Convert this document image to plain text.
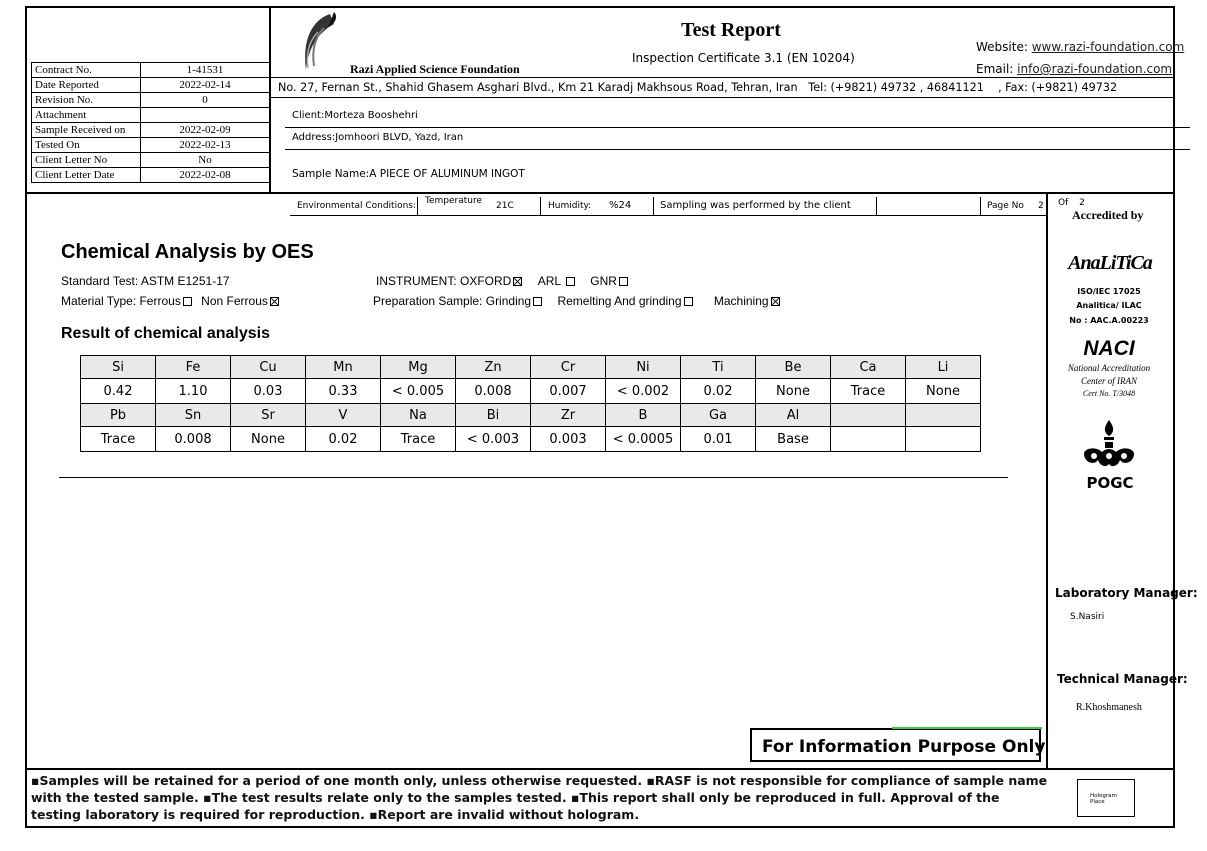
Contract No.	1-41531
Date Reported	2022-02-14
Revision No.	0
Attachment	
Sample Received on	2022-02-09
Tested On	2022-02-13
Client Letter No	No
Client Letter Date	2022-02-08
Razi Applied Science Foundation
Test Report
Inspection Certificate 3.1 (EN 10204)
Website: www.razi-foundation.com
Email: info@razi-foundation.com
No. 27, Fernan St., Shahid Ghasem Asghari Blvd., Km 21 Karadj Makhsous Road, Tehran, Iran   Tel: (+9821) 49732 , 46841121    , Fax: (+9821) 49732
Client:Morteza Booshehri
Address:Jomhoori BLVD, Yazd, Iran
Sample Name:A PIECE OF ALUMINUM INGOT
Environmental Conditions: Temperature 21C	Humidity: %24	Sampling was performed by the client	Page No 2
Chemical Analysis by OES
Standard Test: ASTM E1251-17	INSTRUMENT: OXFORD ARL GNR
Material Type: Ferrous Non Ferrous	Preparation Sample: Grinding Remelting And grinding	Machining
Result of chemical analysis
Si	Fe	Cu	Mn	Mg	Zn	Cr	Ni	Ti	Be	Ca	Li
0.42	1.10	0.03	0.33	< 0.005	0.008	0.007	< 0.002	0.02	None	Trace	None
Pb	Sn	Sr	V	Na	Bi	Zr	B	Ga	Al		
Trace	0.008	None	0.02	Trace	< 0.003	0.003	< 0.0005	0.01	Base		
Of 2
Accredited by
AnaLiTiCa
ISO/IEC 17025
Analitica/ ILAC
No : AAC.A.00223
NACI
National Accreditation
Center of IRAN
Cert No. T/3048
POGC
Laboratory Manager:
S.Nasiri
Technical Manager:
R.Khoshmanesh
For Information Purpose Only
▪Samples will be retained for a period of one month only, unless otherwise requested. ▪RASF is not responsible for compliance of sample name with the tested sample. ▪The test results relate only to the samples tested. ▪This report shall only be reproduced in full. Approval of the testing laboratory is required for reproduction. ▪Report are invalid without hologram.
Hologram
Place
